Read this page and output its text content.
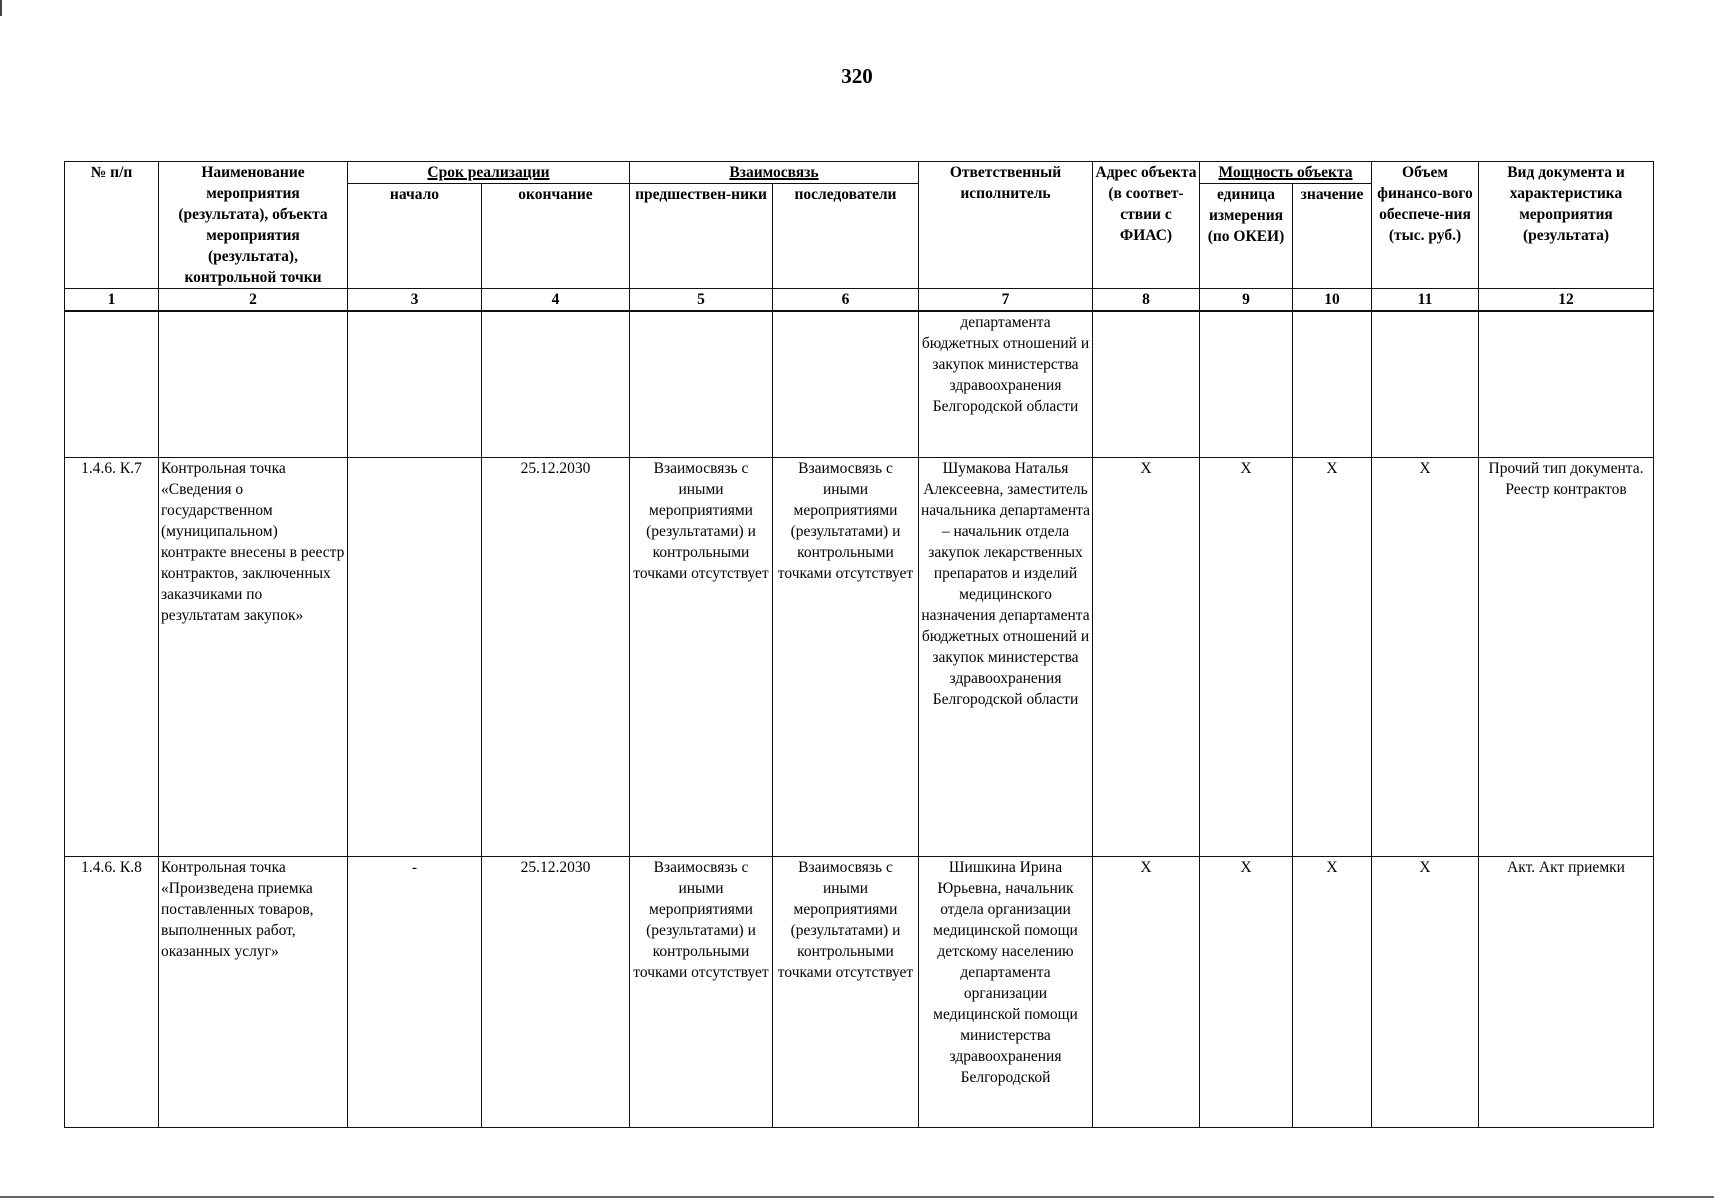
320
№ п/п	Наименование мероприятия (результата), объекта мероприятия (результата), контрольной точки	Срок реализации		Взаимосвязь		Ответственный исполнитель	Адрес объекта (в соответ-ствии с ФИАС)	Мощность объекта		Объем финансо-вого обеспече-ния (тыс. руб.)	Вид документа и характеристика мероприятия (результата)
		начало	окончание	предшествен-ники	последователи			единица измерения (по ОКЕИ)	значение		
1	2	3	4	5	6	7	8	9	10	11	12
						департамента бюджетных отношений и закупок министерства здравоохранения Белгородской области					
1.4.6. К.7	Контрольная точка «Сведения о государственном (муниципальном) контракте внесены в реестр контрактов, заключенных заказчиками по результатам закупок»		25.12.2030	Взаимосвязь с иными мероприятиями (результатами) и контрольными точками отсутствует	Взаимосвязь с иными мероприятиями (результатами) и контрольными точками отсутствует	Шумакова Наталья Алексеевна, заместитель начальника департамента – начальник отдела закупок лекарственных препаратов и изделий медицинского назначения департамента бюджетных отношений и закупок министерства здравоохранения Белгородской области	Х	Х	Х	Х	Прочий тип документа. Реестр контрактов
1.4.6. К.8	Контрольная точка «Произведена приемка поставленных товаров, выполненных работ, оказанных услуг»	-	25.12.2030	Взаимосвязь с иными мероприятиями (результатами) и контрольными точками отсутствует	Взаимосвязь с иными мероприятиями (результатами) и контрольными точками отсутствует	Шишкина Ирина Юрьевна, начальник отдела организации медицинской помощи детскому населению департамента организации медицинской помощи министерства здравоохранения Белгородской	Х	Х	Х	Х	Акт. Акт приемки
